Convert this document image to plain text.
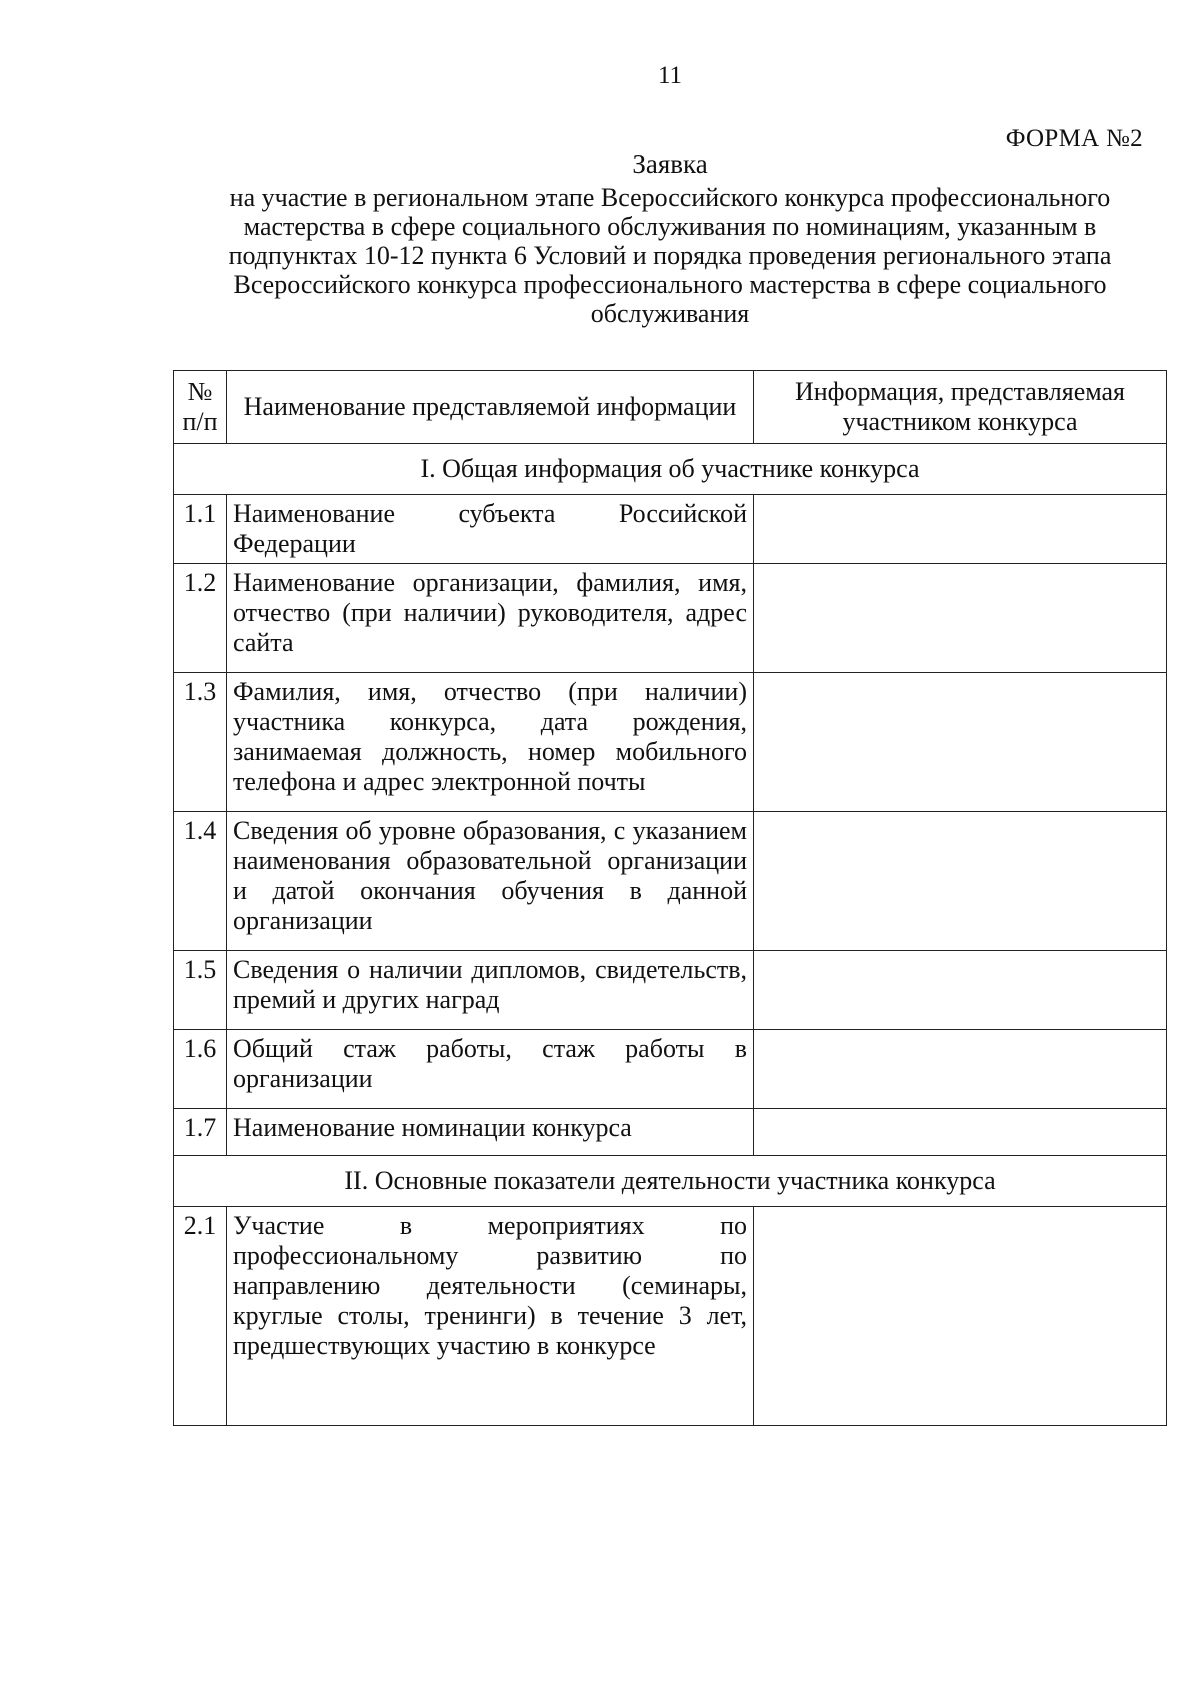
11
ФОРМА №2
Заявка
на участие в региональном этапе Всероссийского конкурса профессионального мастерства в сфере социального обслуживания по номинациям, указанным в подпунктах 10-12 пункта 6 Условий и порядка проведения регионального этапа Всероссийского конкурса профессионального мастерства в сфере социального обслуживания
№ п/п	Наименование представляемой информации	Информация, представляемая участником конкурса
I. Общая информация об участнике конкурса		
1.1	Наименование субъекта Российской Федерации	
1.2	Наименование организации, фамилия, имя, отчество (при наличии) руководителя, адрес сайта	
1.3	Фамилия, имя, отчество (при наличии) участника конкурса, дата рождения, занимаемая должность, номер мобильного телефона и адрес электронной почты	
1.4	Сведения об уровне образования, с указанием наименования образовательной организации и датой окончания обучения в данной организации	
1.5	Сведения о наличии дипломов, свидетельств, премий и других наград	
1.6	Общий стаж работы, стаж работы в организации	
1.7	Наименование номинации конкурса	
II. Основные показатели деятельности участника конкурса		
2.1	Участие в мероприятиях по профессиональному развитию по направлению деятельности (семинары, круглые столы, тренинги) в течение 3 лет, предшествующих участию в конкурсе	
